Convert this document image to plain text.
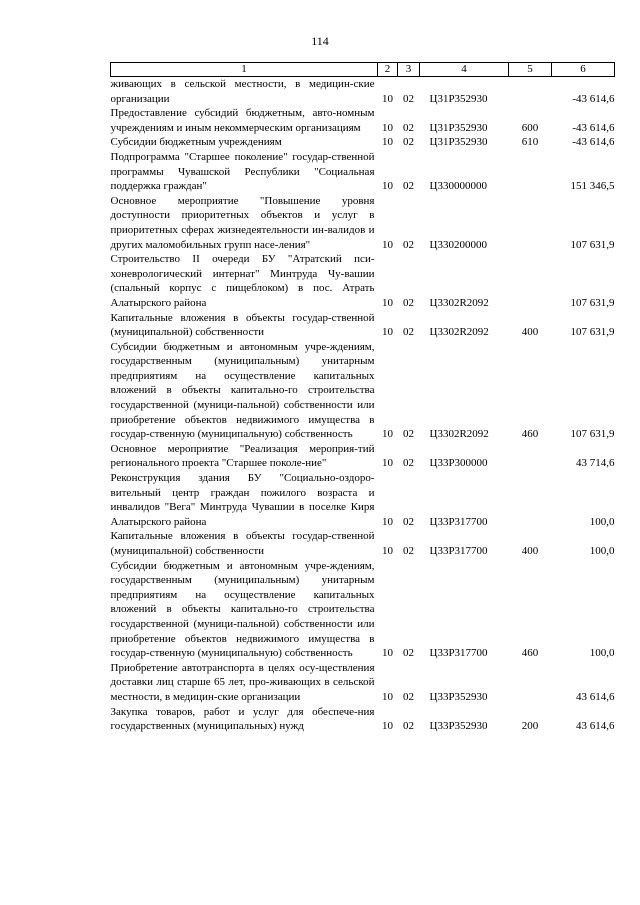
114
1	2	3	4	5	6
живающих в сельской местности, в медицин-ские организации	10	02	Ц31P352930		-43 614,6
Предоставление субсидий бюджетным, авто-номным учреждениям и иным некоммерческим организациям	10	02	Ц31P352930	600	-43 614,6
Субсидии бюджетным учреждениям	10	02	Ц31P352930	610	-43 614,6
Подпрограмма "Старшее поколение" государ-ственной программы Чувашской Республики "Социальная поддержка граждан"	10	02	Ц330000000		151 346,5
Основное мероприятие "Повышение уровня доступности приоритетных объектов и услуг в приоритетных сферах жизнедеятельности ин-валидов и других маломобильных групп насе-ления"	10	02	Ц330200000		107 631,9
Строительство II очереди БУ "Атратский пси-хоневрологический интернат" Минтруда Чу-вашии (спальный корпус с пищеблоком) в пос. Атрать Алатырского района	10	02	Ц3302R2092		107 631,9
Капитальные вложения в объекты государ-ственной (муниципальной) собственности	10	02	Ц3302R2092	400	107 631,9
Субсидии бюджетным и автономным учре-ждениям, государственным (муниципальным) унитарным предприятиям на осуществление капитальных вложений в объекты капитально-го строительства государственной (муници-пальной) собственности или приобретение объектов недвижимого имущества в государ-ственную (муниципальную) собственность	10	02	Ц3302R2092	460	107 631,9
Основное мероприятие "Реализация мероприя-тий регионального проекта "Старшее поколе-ние"	10	02	Ц33P300000		43 714,6
Реконструкция здания БУ "Социально-оздоро-вительный центр граждан пожилого возраста и инвалидов "Вега" Минтруда Чувашии в поселке Киря Алатырского района	10	02	Ц33P317700		100,0
Капитальные вложения в объекты государ-ственной (муниципальной) собственности	10	02	Ц33P317700	400	100,0
Субсидии бюджетным и автономным учре-ждениям, государственным (муниципальным) унитарным предприятиям на осуществление капитальных вложений в объекты капитально-го строительства государственной (муници-пальной) собственности или приобретение объектов недвижимого имущества в государ-ственную (муниципальную) собственность	10	02	Ц33P317700	460	100,0
Приобретение автотранспорта в целях осу-ществления доставки лиц старше 65 лет, про-живающих в сельской местности, в медицин-ские организации	10	02	Ц33P352930		43 614,6
Закупка товаров, работ и услуг для обеспече-ния государственных (муниципальных) нужд	10	02	Ц33P352930	200	43 614,6
